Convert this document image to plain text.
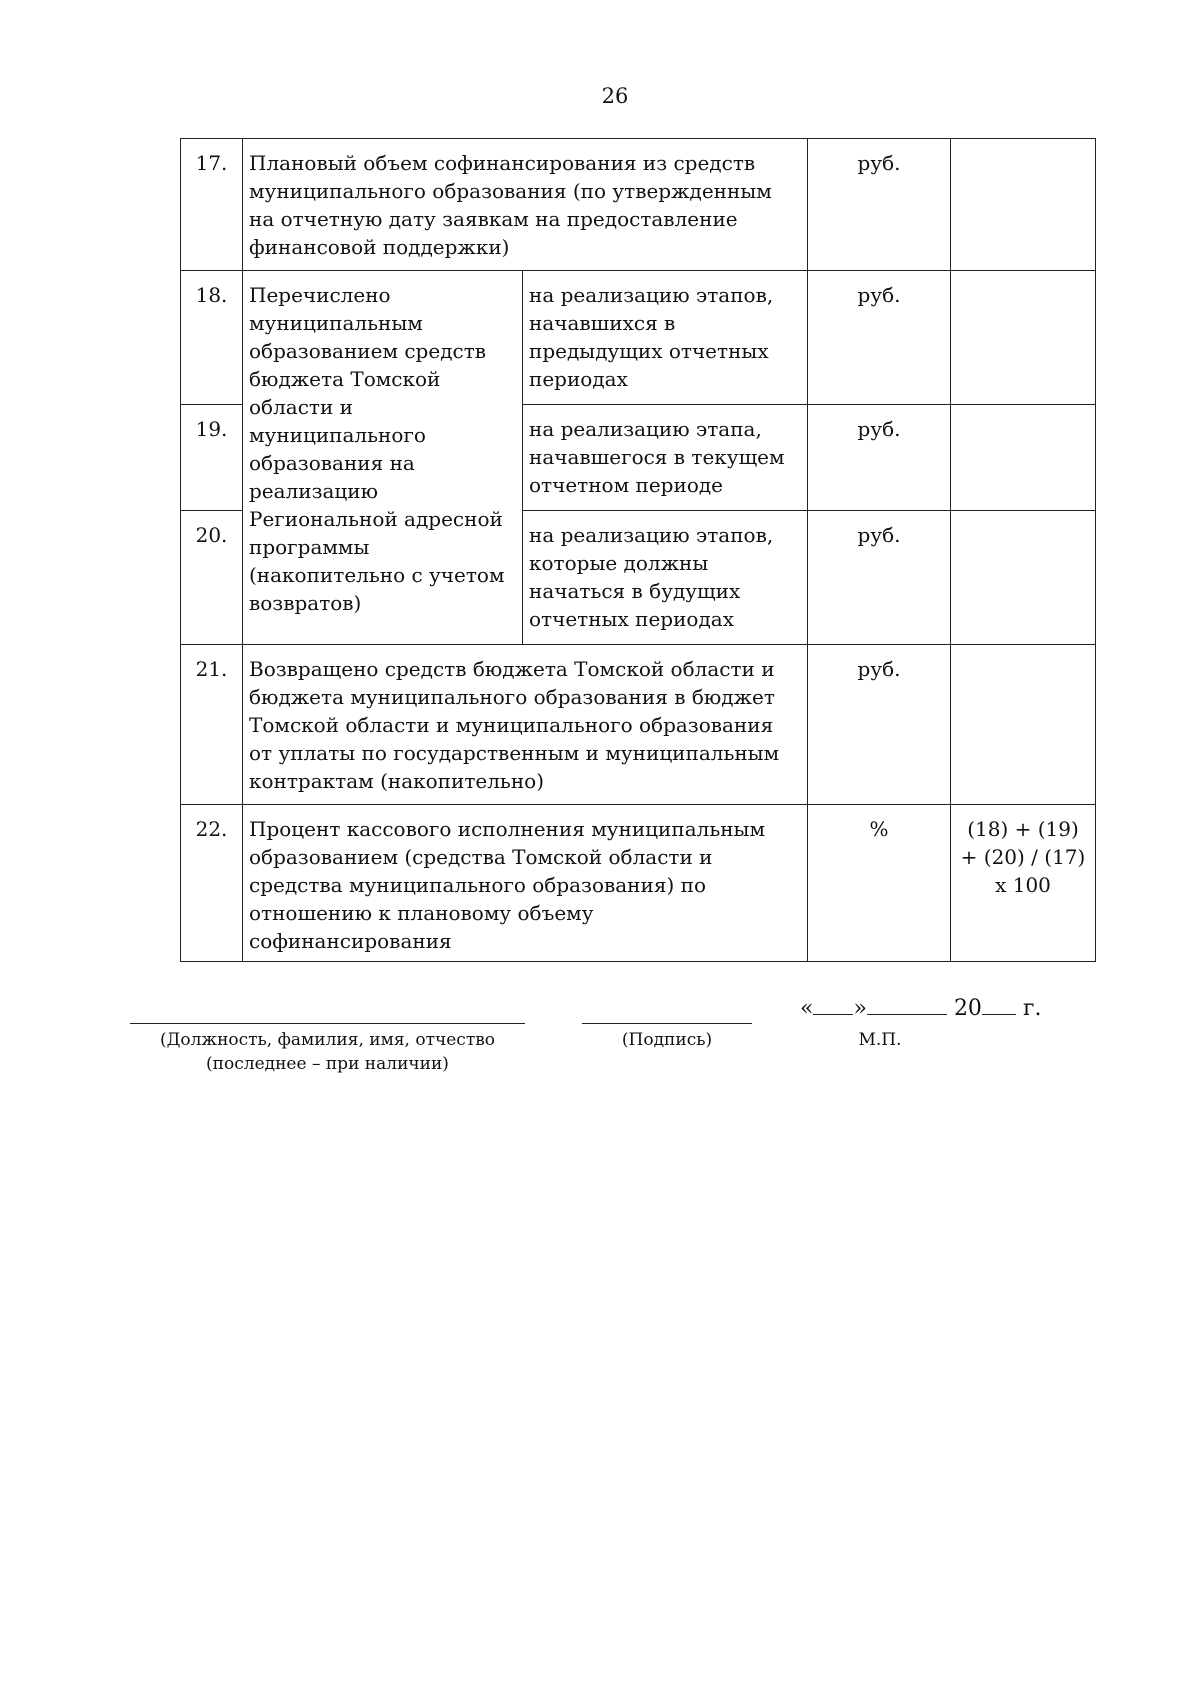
26
17.	Плановый объем софинансирования из средств муниципального образования (по утвержденным на отчетную дату заявкам на предоставление финансовой поддержки)		руб.	
18.	Перечислено муниципальным образованием средств бюджета Томской области и муниципального образования на реализацию Региональной адресной программы (накопительно с учетом возвратов)	на реализацию этапов, начавшихся в предыдущих отчетных периодах	руб.	
19.		на реализацию этапа, начавшегося в текущем отчетном периоде	руб.	
20.		на реализацию этапов, которые должны начаться в будущих отчетных периодах	руб.	
21.	Возвращено средств бюджета Томской области и бюджета муниципального образования в бюджет Томской области и муниципального образования от уплаты по государственным и муниципальным контрактам (накопительно)		руб.	
22.	Процент кассового исполнения муниципальным образованием (средства Томской области и средства муниципального образования) по отношению к плановому объему софинансирования		%	(18) + (19) + (20) / (17) х 100
(Должность, фамилия, имя, отчество
(последнее – при наличии)
(Подпись)
« »	20 г.
М.П.
